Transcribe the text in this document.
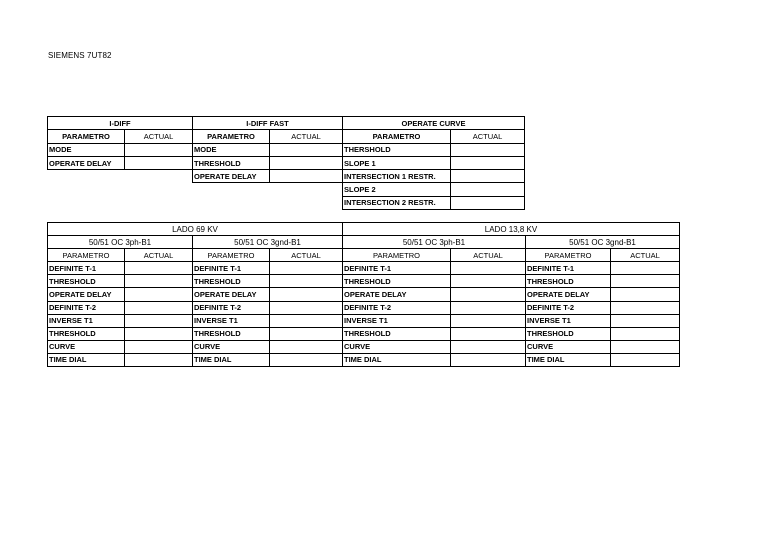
SIEMENS 7UT82
I-DIFF		I-DIFF FAST		OPERATE CURVE	
PARAMETRO	ACTUAL	PARAMETRO	ACTUAL	PARAMETRO	ACTUAL
MODE		MODE		THERSHOLD	
OPERATE DELAY		THRESHOLD		SLOPE 1	
		OPERATE DELAY		INTERSECTION 1 RESTR.	
				SLOPE 2	
				INTERSECTION 2 RESTR.	
LADO 69 KV				LADO 13,8 KV			
50/51 OC 3ph-B1		50/51 OC 3gnd-B1		50/51 OC 3ph-B1		50/51 OC 3gnd-B1	
PARAMETRO	ACTUAL	PARAMETRO	ACTUAL	PARAMETRO	ACTUAL	PARAMETRO	ACTUAL
DEFINITE T-1		DEFINITE T-1		DEFINITE T-1		DEFINITE T-1	
THRESHOLD		THRESHOLD		THRESHOLD		THRESHOLD	
OPERATE DELAY		OPERATE DELAY		OPERATE DELAY		OPERATE DELAY	
DEFINITE T-2		DEFINITE T-2		DEFINITE T-2		DEFINITE T-2	
INVERSE T1		INVERSE T1		INVERSE T1		INVERSE T1	
THRESHOLD		THRESHOLD		THRESHOLD		THRESHOLD	
CURVE		CURVE		CURVE		CURVE	
TIME DIAL		TIME DIAL		TIME DIAL		TIME DIAL	
